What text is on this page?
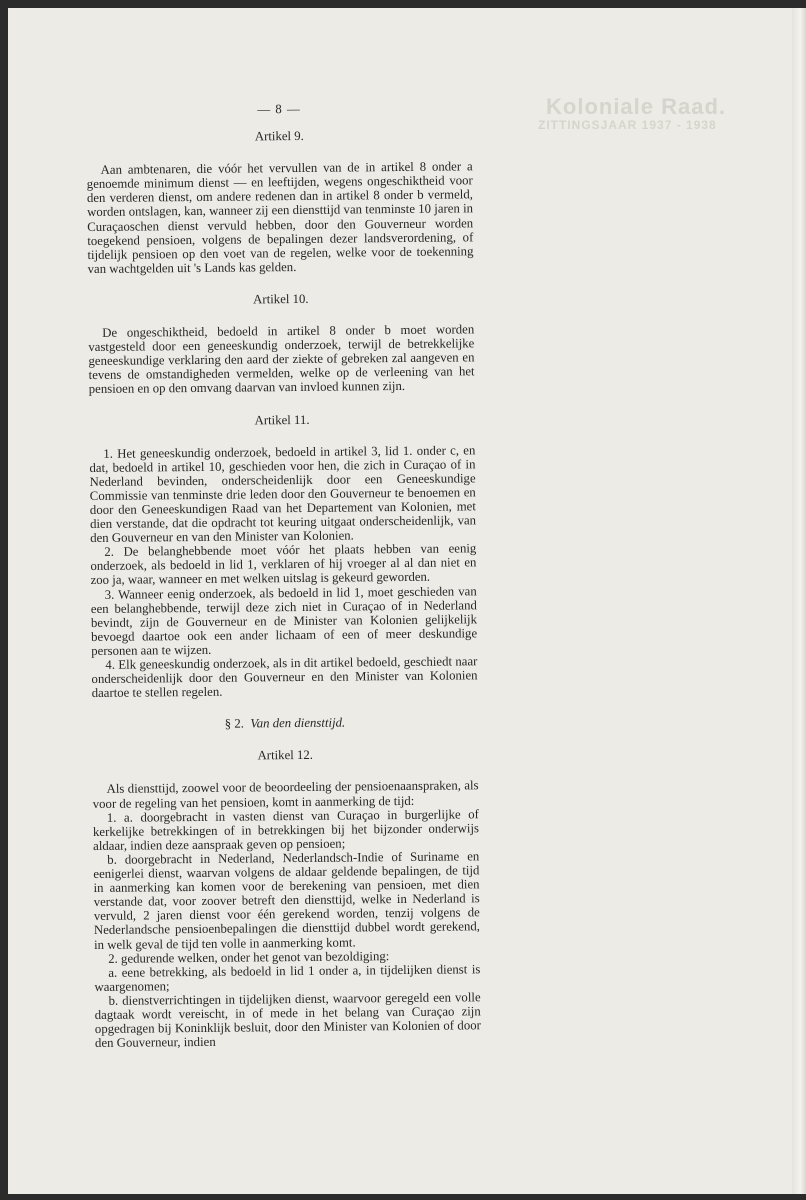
Koloniale Raad.
ZITTINGSJAAR 1937 - 1938
— 8 —
Artikel 9.

Aan ambtenaren, die vóór het vervullen van de in artikel 8 onder a genoemde minimum dienst — en leeftijden, wegens ongeschiktheid voor den verderen dienst, om andere redenen dan in artikel 8 onder b vermeld, worden ontslagen, kan, wanneer zij een diensttijd van tenminste 10 jaren in Curaçaoschen dienst vervuld hebben, door den Gouverneur worden toegekend pensioen, volgens de bepalingen dezer landsverordening, of tijdelijk pensioen op den voet van de regelen, welke voor de toekenning van wachtgelden uit 's Lands kas gelden.

Artikel 10.

De ongeschiktheid, bedoeld in artikel 8 onder b moet worden vastgesteld door een geneeskundig onderzoek, terwijl de betrekkelijke geneeskundige verklaring den aard der ziekte of gebreken zal aangeven en tevens de omstandigheden vermelden, welke op de verleening van het pensioen en op den omvang daarvan van invloed kunnen zijn.

Artikel 11.

1. Het geneeskundig onderzoek, bedoeld in artikel 3, lid 1. onder c, en dat, bedoeld in artikel 10, geschieden voor hen, die zich in Curaçao of in Nederland bevinden, onderscheidenlijk door een Geneeskundige Commissie van tenminste drie leden door den Gouverneur te benoemen en door den Geneeskundigen Raad van het Departement van Kolonien, met dien verstande, dat die opdracht tot keuring uitgaat onderscheidenlijk, van den Gouverneur en van den Minister van Kolonien.

2. De belanghebbende moet vóór het plaats hebben van eenig onderzoek, als bedoeld in lid 1, verklaren of hij vroeger al al dan niet en zoo ja, waar, wanneer en met welken uitslag is gekeurd geworden.

3. Wanneer eenig onderzoek, als bedoeld in lid 1, moet geschieden van een belanghebbende, terwijl deze zich niet in Curaçao of in Nederland bevindt, zijn de Gouverneur en de Minister van Kolonien gelijkelijk bevoegd daartoe ook een ander lichaam of een of meer deskundige personen aan te wijzen.

4. Elk geneeskundig onderzoek, als in dit artikel bedoeld, geschiedt naar onderscheidenlijk door den Gouverneur en den Minister van Kolonien daartoe te stellen regelen.

§ 2. Van den diensttijd.
Artikel 12.

Als diensttijd, zoowel voor de beoordeeling der pensioenaanspraken, als voor de regeling van het pensioen, komt in aanmerking de tijd:

1. a. doorgebracht in vasten dienst van Curaçao in burgerlijke of kerkelijke betrekkingen of in betrekkingen bij het bijzonder onderwijs aldaar, indien deze aanspraak geven op pensioen;

b. doorgebracht in Nederland, Nederlandsch-Indie of Suriname en eenigerlei dienst, waarvan volgens de aldaar geldende bepalingen, de tijd in aanmerking kan komen voor de berekening van pensioen, met dien verstande dat, voor zoover betreft den diensttijd, welke in Nederland is vervuld, 2 jaren dienst voor één gerekend worden, tenzij volgens de Nederlandsche pensioenbepalingen die diensttijd dubbel wordt gerekend, in welk geval de tijd ten volle in aanmerking komt.

2. gedurende welken, onder het genot van bezoldiging:

a. eene betrekking, als bedoeld in lid 1 onder a, in tijdelijken dienst is waargenomen;

b. dienstverrichtingen in tijdelijken dienst, waarvoor geregeld een volle dagtaak wordt vereischt, in of mede in het belang van Curaçao zijn opgedragen bij Koninklijk besluit, door den Minister van Kolonien of door den Gouverneur, indien
